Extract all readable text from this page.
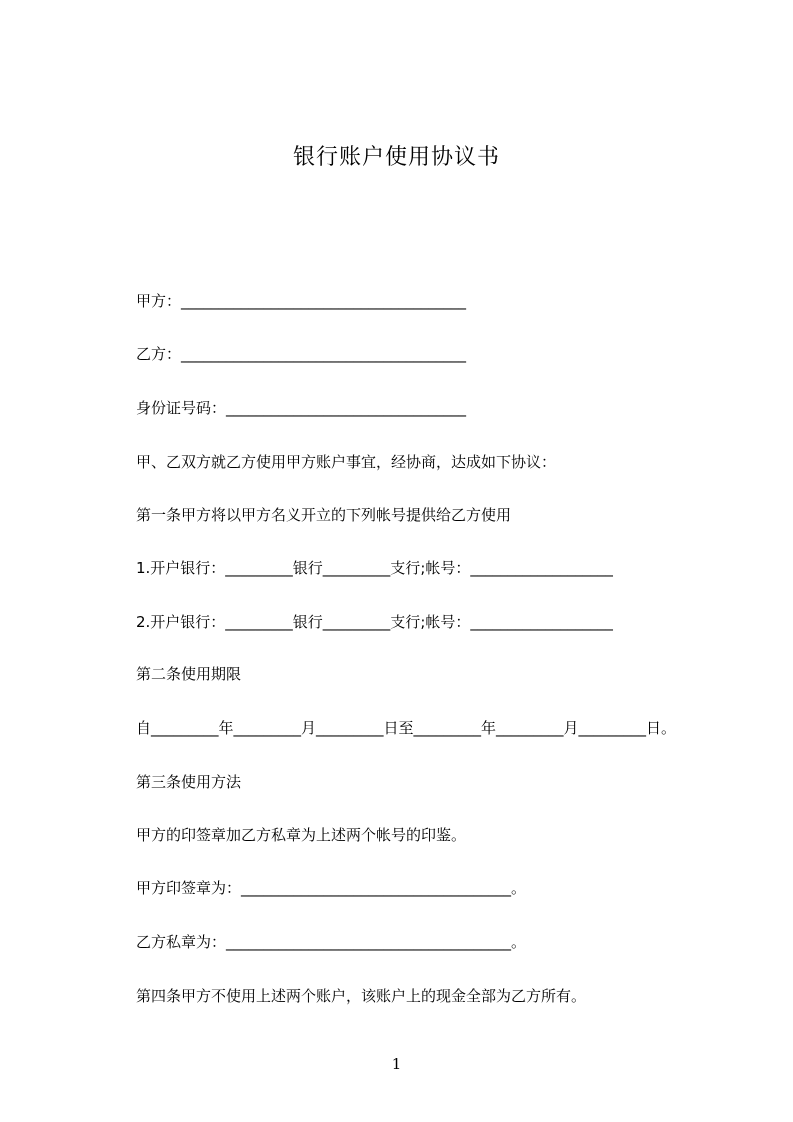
银行账户使用协议书
甲方：______________________________________
乙方：______________________________________
身份证号码：________________________________
甲、乙双方就乙方使用甲方账户事宜，经协商，达成如下协议：
第一条甲方将以甲方名义开立的下列帐号提供给乙方使用
1.开户银行：_________银行_________支行;帐号：___________________
2.开户银行：_________银行_________支行;帐号：___________________
第二条使用期限
自_________年_________月_________日至_________年_________月_________日。
第三条使用方法
甲方的印签章加乙方私章为上述两个帐号的印鉴。
甲方印签章为：____________________________________。
乙方私章为：______________________________________。
第四条甲方不使用上述两个账户，该账户上的现金全部为乙方所有。
1
